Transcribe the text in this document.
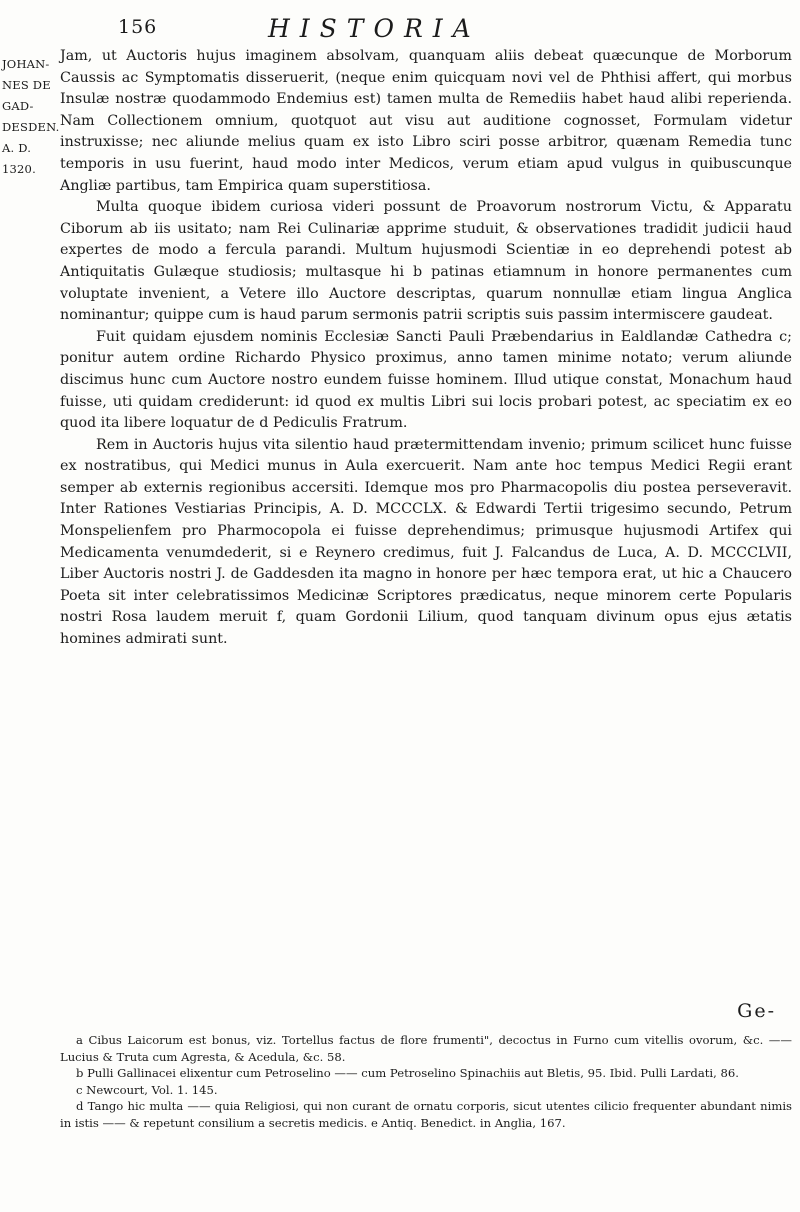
156	HISTORIA
JOHAN-
NES DE
GAD-
DESDEN.
A. D.
1320.

Jam, ut Auctoris hujus imaginem absolvam, quanquam aliis debeat quæcunque de Morborum Caussis ac Symptomatis disseruerit, (neque enim quicquam novi vel de Phthisi affert, qui morbus Insulæ nostræ quodammodo Endemius est) tamen multa de Remediis habet haud alibi reperienda. Nam Collectionem omnium, quotquot aut visu aut auditione cognosset, Formulam videtur instruxisse; nec aliunde melius quam ex isto Libro sciri posse arbitror, quænam Remedia tunc temporis in usu fuerint, haud modo inter Medicos, verum etiam apud vulgus in quibuscunque Angliæ partibus, tam Empirica quam superstitiosa.

Multa quoque ibidem curiosa videri possunt de Proavorum nostrorum Victu, & Apparatu Ciborum ab iis usitato; nam Rei Culinariæ apprime studuit, & observationes tradidit judicii haud expertes de modo a fercula parandi. Multum hujusmodi Scientiæ in eo deprehendi potest ab Antiquitatis Gulæque studiosis; multasque hi b patinas etiamnum in honore permanentes cum voluptate invenient, a Vetere illo Auctore descriptas, quarum nonnullæ etiam lingua Anglica nominantur; quippe cum is haud parum sermonis patrii scriptis suis passim intermiscere gaudeat.

Fuit quidam ejusdem nominis Ecclesiæ Sancti Pauli Præbendarius in Ealdlandæ Cathedra c; ponitur autem ordine Richardo Physico proximus, anno tamen minime notato; verum aliunde discimus hunc cum Auctore nostro eundem fuisse hominem. Illud utique constat, Monachum haud fuisse, uti quidam crediderunt: id quod ex multis Libri sui locis probari potest, ac speciatim ex eo quod ita libere loquatur de d Pediculis Fratrum.

Rem in Auctoris hujus vita silentio haud prætermittendam invenio; primum scilicet hunc fuisse ex nostratibus, qui Medici munus in Aula exercuerit. Nam ante hoc tempus Medici Regii erant semper ab externis regionibus accersiti. Idemque mos pro Pharmacopolis diu postea perseveravit. Inter Rationes Vestiarias Principis, A. D. MCCCLX. & Edwardi Tertii trigesimo secundo, Petrum Monspelienfem pro Pharmocopola ei fuisse deprehendimus; primusque hujusmodi Artifex qui Medicamenta venumdederit, si e Reynero credimus, fuit J. Falcandus de Luca, A. D. MCCCLVII, Liber Auctoris nostri J. de Gaddesden ita magno in honore per hæc tempora erat, ut hic a Chaucero Poeta sit inter celebratissimos Medicinæ Scriptores prædicatus, neque minorem certe Popularis nostri Rosa laudem meruit f, quam Gordonii Lilium, quod tanquam divinum opus ejus ætatis homines admirati sunt.

Ge-

a Cibus Laicorum est bonus, viz. Tortellus factus de flore frumenti", decoctus in Furno cum vitellis ovorum, &c. —— Lucius & Truta cum Agresta, & Acedula, &c. 58.

b Pulli Gallinacei elixentur cum Petroselino —— cum Petroselino Spinachiis aut Bletis, 95. Ibid. Pulli Lardati, 86.

c Newcourt, Vol. 1. 145.

d Tango hic multa —— quia Religiosi, qui non curant de ornatu corporis, sicut utentes cilicio frequenter abundant nimis in istis —— & repetunt consilium a secretis medicis. e Antiq. Benedict. in Anglia, 167.
